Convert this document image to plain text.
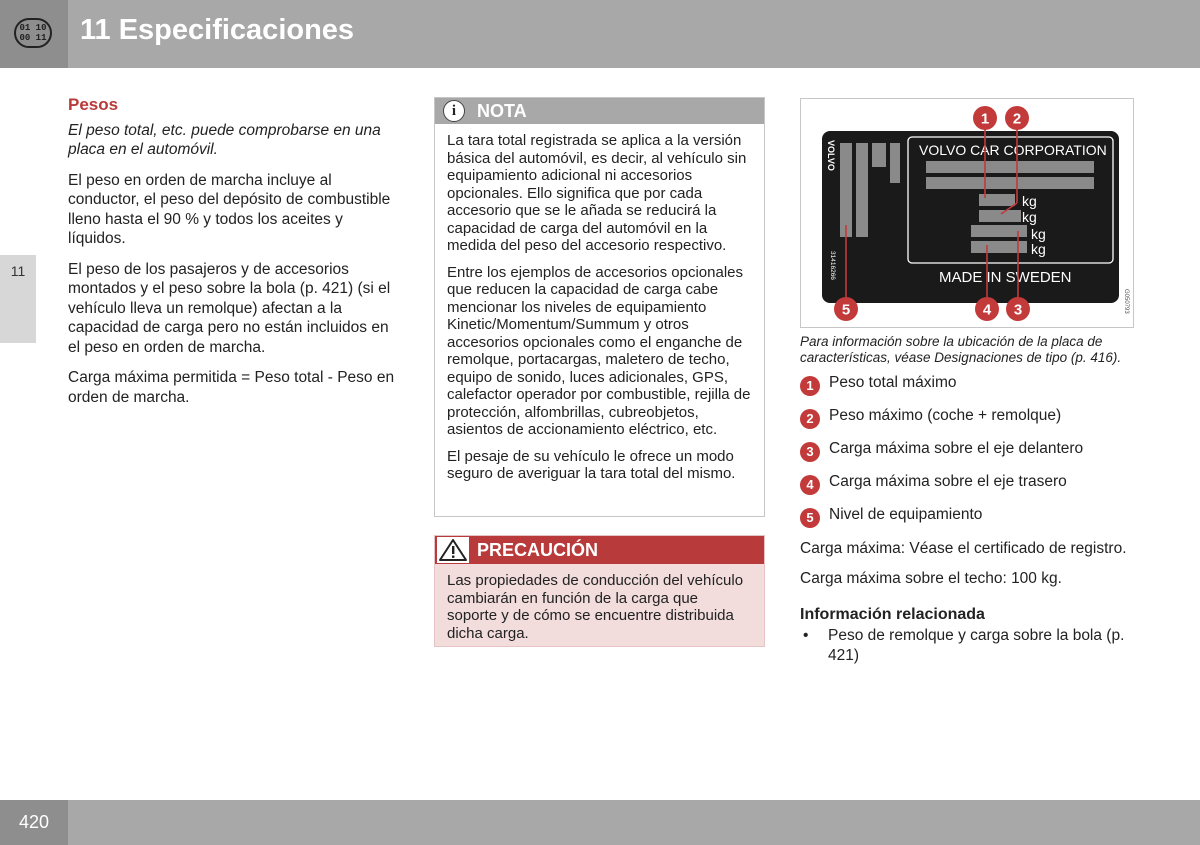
01 10
00 11 11 Especificaciones
11
Pesos

El peso total, etc. puede comprobarse en una placa en el automóvil.

El peso en orden de marcha incluye al conductor, el peso del depósito de combustible lleno hasta el 90 % y todos los aceites y líquidos.

El peso de los pasajeros y de accesorios montados y el peso sobre la bola (p. 421) (si el vehículo lleva un remolque) afectan a la capacidad de carga pero no están incluidos en el peso en orden de marcha.

Carga máxima permitida = Peso total - Peso en orden de marcha.

i	NOTA

La tara total registrada se aplica a la versión básica del automóvil, es decir, al vehículo sin equipamiento adicional ni accesorios opcionales. Ello significa que por cada accesorio que se le añada se reducirá la capacidad de carga del automóvil en la medida del peso del accesorio respectivo.

Entre los ejemplos de accesorios opcionales que reducen la capacidad de carga cabe mencionar los niveles de equipamiento Kinetic/Momentum/Summum y otros accesorios opcionales como el enganche de remolque, portacargas, maletero de techo, equipo de sonido, luces adicionales, GPS, calefactor operador por combustible, rejilla de protección, alfombrillas, cubreobjetos, asientos de accionamiento eléctrico, etc.

El pesaje de su vehículo le ofrece un modo seguro de averiguar la tara total del mismo.

PRECAUCIÓN

Las propiedades de conducción del vehículo cambiarán en función de la carga que soporte y de cómo se encuentre distribuida dicha carga.

VOLVO
31416266
G050793
VOLVO CAR CORPORATION
kg
kg
kg
kg
MADE IN SWEDEN
1 2
3
4
5
Para información sobre la ubicación de la placa de características, véase Designaciones de tipo (p. 416).
1 Peso total máximo
2 Peso máximo (coche + remolque)
3 Carga máxima sobre el eje delantero
4 Carga máxima sobre el eje trasero
5 Nivel de equipamiento

Carga máxima: Véase el certificado de registro.

Carga máxima sobre el techo: 100 kg.

Información relacionada
• Peso de remolque y carga sobre la bola (p. 421)
420
